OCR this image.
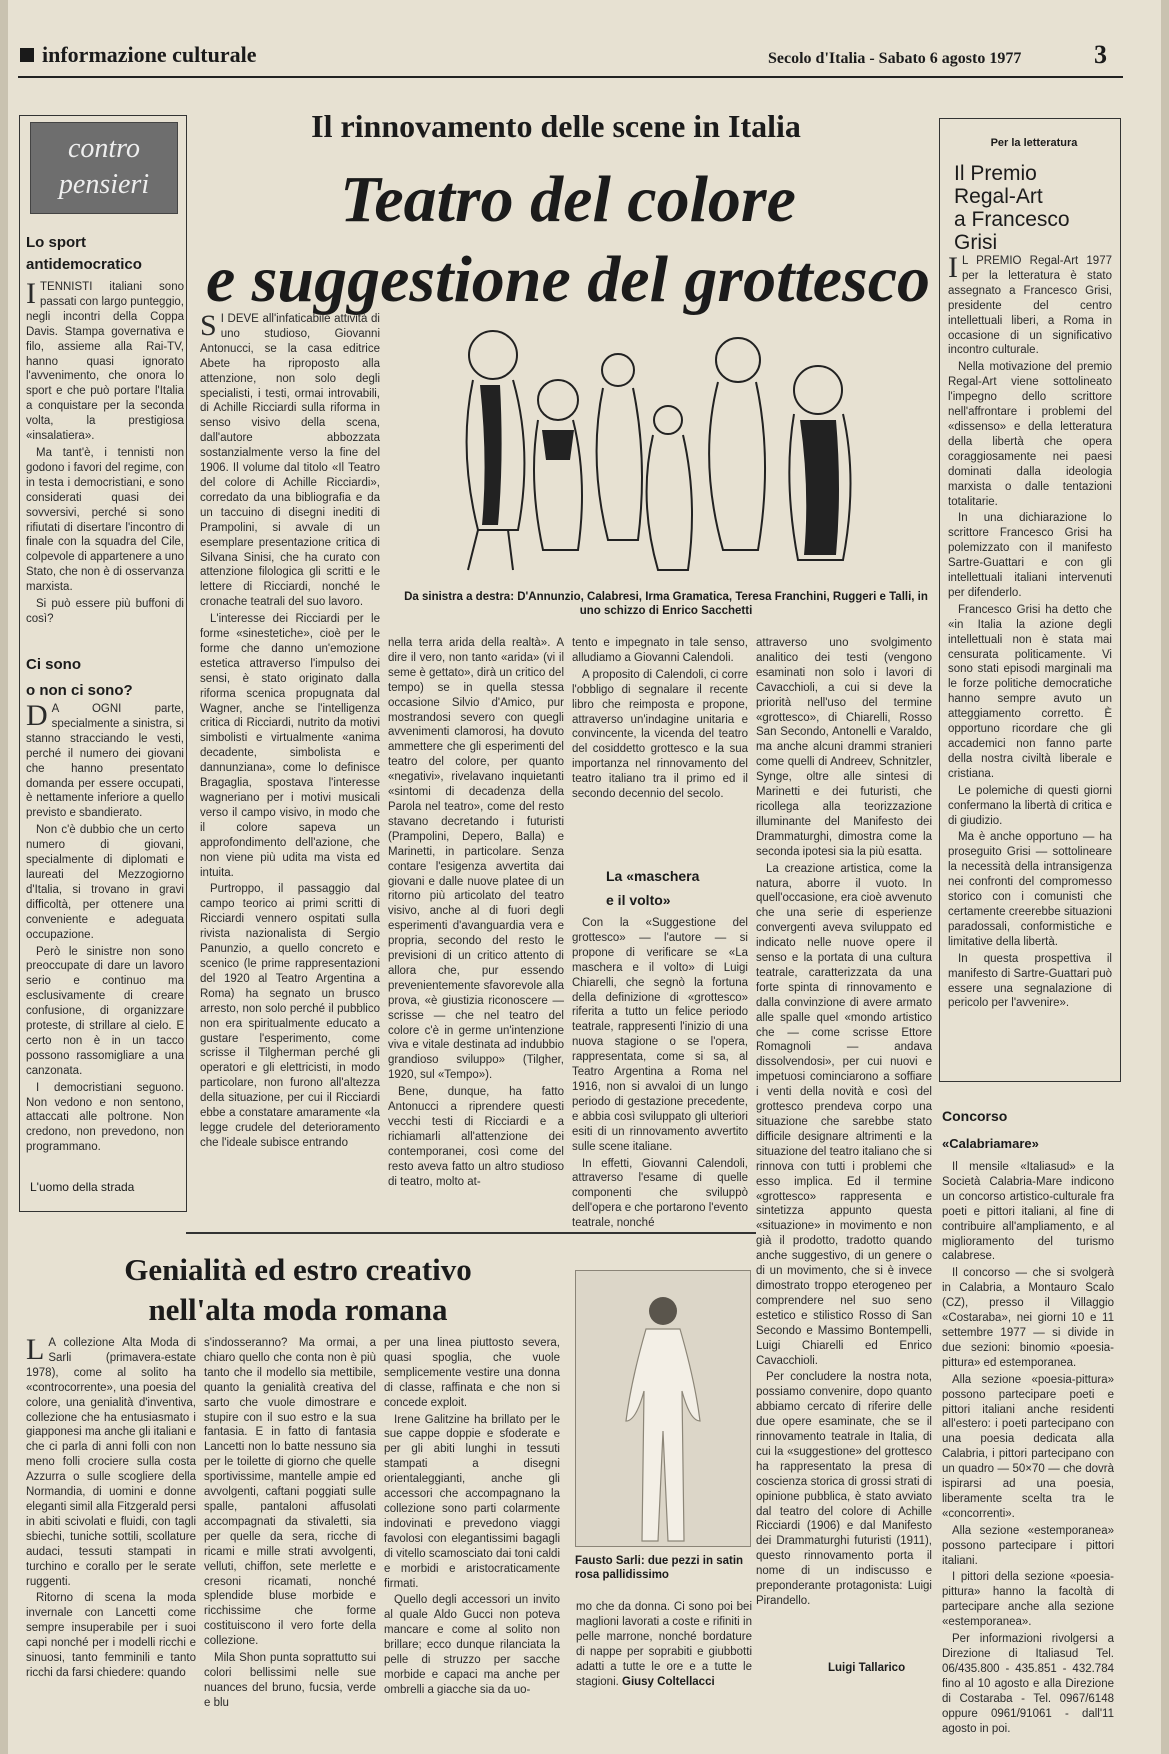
informazione culturale	Secolo d'Italia - Sabato 6 agosto 1977	3
contro
pensieri
Lo sport
antidemocratico

ITENNISTI italiani sono passati con largo punteggio, negli incontri della Coppa Davis. Stampa governativa e filo, assieme alla Rai-TV, hanno quasi ignorato l'avvenimento, che onora lo sport e che può portare l'Italia a conquistare per la seconda volta, la prestigiosa «insalatiera».

Ma tant'è, i tennisti non godono i favori del regime, con in testa i democristiani, e sono considerati quasi dei sovversivi, perché si sono rifiutati di disertare l'incontro di finale con la squadra del Cile, colpevole di appartenere a uno Stato, che non è di osservanza marxista.

Si può essere più buffoni di così?

Ci sono
o non ci sono?

D A OGNI parte, specialmente a sinistra, si stanno stracciando le vesti, perché il numero dei giovani che hanno presentato domanda per essere occupati, è nettamente inferiore a quello previsto e sbandierato.

Non c'è dubbio che un certo numero di giovani, specialmente di diplomati e laureati del Mezzogiorno d'Italia, si trovano in gravi difficoltà, per ottenere una conveniente e adeguata occupazione.

Però le sinistre non sono preoccupate di dare un lavoro serio e continuo ma esclusivamente di creare confusione, di organizzare proteste, di strillare al cielo. E certo non è in un tacco possono rassomigliare a una canzonata.

I democristiani seguono. Non vedono e non sentono, attaccati alle poltrone. Non credono, non prevedono, non programmano.

L'uomo della strada
Il rinnovamento delle scene in Italia
Teatro del colore
e suggestione del grottesco
Da sinistra a destra: D'Annunzio, Calabresi, Irma Gramatica, Teresa Franchini, Ruggeri e Talli, in uno schizzo di Enrico Sacchetti

S I DEVE all'infaticabile attività di uno studioso, Giovanni Antonucci, se la casa editrice Abete ha riproposto alla attenzione, non solo degli specialisti, i testi, ormai introvabili, di Achille Ricciardi sulla riforma in senso visivo della scena, dall'autore abbozzata sostanzialmente verso la fine del 1906. Il volume dal titolo «Il Teatro del colore di Achille Ricciardi», corredato da una bibliografia e da un taccuino di disegni inediti di Prampolini, si avvale di un esemplare presentazione critica di Silvana Sinisi, che ha curato con attenzione filologica gli scritti e le lettere di Ricciardi, nonché le cronache teatrali del suo lavoro.

L'interesse dei Ricciardi per le forme «sinestetiche», cioè per le forme che danno un'emozione estetica attraverso l'impulso dei sensi, è stato originato dalla riforma scenica propugnata dal Wagner, anche se l'intelligenza critica di Ricciardi, nutrito da motivi simbolisti e virtualmente «anima decadente, simbolista e dannunziana», come lo definisce Bragaglia, spostava l'interesse wagneriano per i motivi musicali verso il campo visivo, in modo che il colore sapeva un approfondimento dell'azione, che non viene più udita ma vista ed intuita.

Purtroppo, il passaggio dal campo teorico ai primi scritti di Ricciardi vennero ospitati sulla rivista nazionalista di Sergio Panunzio, a quello concreto e scenico (le prime rappresentazioni del 1920 al Teatro Argentina a Roma) ha segnato un brusco arresto, non solo perché il pubblico non era spiritualmente educato a gustare l'esperimento, come scrisse il Tilgherman perché gli operatori e gli elettricisti, in modo particolare, non furono all'altezza della situazione, per cui il Ricciardi ebbe a constatare amaramente «la legge crudele del deterioramento che l'ideale subisce entrando

nella terra arida della realtà». A dire il vero, non tanto «arida» (vi il seme è gettato», dirà un critico del tempo) se in quella stessa occasione Silvio d'Amico, pur mostrandosi severo con quegli avvenimenti clamorosi, ha dovuto ammettere che gli esperimenti del teatro del colore, per quanto «negativi», rivelavano inquietanti «sintomi di decadenza della Parola nel teatro», come del resto stavano decretando i futuristi (Prampolini, Depero, Balla) e Marinetti, in particolare. Senza contare l'esigenza avvertita dai giovani e dalle nuove platee di un ritorno più articolato del teatro visivo, anche al di fuori degli esperimenti d'avanguardia vera e propria, secondo del resto le previsioni di un critico attento di allora che, pur essendo prevenientemente sfavorevole alla prova, «è giustizia riconoscere — scrisse — che nel teatro del colore c'è in germe un'intenzione viva e vitale destinata ad indubbio grandioso sviluppo» (Tilgher, 1920, sul «Tempo»).

Bene, dunque, ha fatto Antonucci a riprendere questi vecchi testi di Ricciardi e a richiamarli all'attenzione dei contemporanei, così come del resto aveva fatto un altro studioso di teatro, molto at-

tento e impegnato in tale senso, alludiamo a Giovanni Calendoli.

A proposito di Calendoli, ci corre l'obbligo di segnalare il recente libro che reimposta e propone, attraverso un'indagine unitaria e convincente, la vicenda del teatro del cosiddetto grottesco e la sua importanza nel rinnovamento del teatro italiano tra il primo ed il secondo decennio del secolo.

La «maschera
e il volto»

Con la «Suggestione del grottesco» — l'autore — si propone di verificare se «La maschera e il volto» di Luigi Chiarelli, che segnò la fortuna della definizione di «grottesco» riferita a tutto un felice periodo teatrale, rappresenti l'inizio di una nuova stagione o se l'opera, rappresentata, come si sa, al Teatro Argentina a Roma nel 1916, non si avvaloi di un lungo periodo di gestazione precedente, e abbia così sviluppato gli ulteriori esiti di un rinnovamento avvertito sulle scene italiane.

In effetti, Giovanni Calendoli, attraverso l'esame di quelle componenti che sviluppò dell'opera e che portarono l'evento teatrale, nonché

attraverso uno svolgimento analitico dei testi (vengono esaminati non solo i lavori di Cavacchioli, a cui si deve la priorità nell'uso del termine «grottesco», di Chiarelli, Rosso San Secondo, Antonelli e Varaldo, ma anche alcuni drammi stranieri come quelli di Andreev, Schnitzler, Synge, oltre alle sintesi di Marinetti e dei futuristi, che ricollega alla teorizzazione illuminante del Manifesto dei Drammaturghi, dimostra come la seconda ipotesi sia la più esatta.

La creazione artistica, come la natura, aborre il vuoto. In quell'occasione, era cioè avvenuto che una serie di esperienze convergenti aveva sviluppato ed indicato nelle nuove opere il senso e la portata di una cultura teatrale, caratterizzata da una forte spinta di rinnovamento e dalla convinzione di avere armato alle spalle quel «mondo artistico che — come scrisse Ettore Romagnoli — andava dissolvendosi», per cui nuovi e impetuosi cominciarono a soffiare i venti della novità e così del grottesco prendeva corpo una situazione che sarebbe stato difficile designare altrimenti e la situazione del teatro italiano che si rinnova con tutti i problemi che esso implica. Ed il termine «grottesco» rappresenta e sintetizza appunto questa «situazione» in movimento e non già il prodotto, tradotto quando anche suggestivo, di un genere o di un movimento, che si è invece dimostrato troppo eterogeneo per comprendere nel suo seno estetico e stilistico Rosso di San Secondo e Massimo Bontempelli, Luigi Chiarelli ed Enrico Cavacchioli.

Per concludere la nostra nota, possiamo convenire, dopo quanto abbiamo cercato di riferire delle due opere esaminate, che se il rinnovamento teatrale in Italia, di cui la «suggestione» del grottesco ha rappresentato la presa di coscienza storica di grossi strati di opinione pubblica, è stato avviato dal teatro del colore di Achille Ricciardi (1906) e dal Manifesto dei Drammaturghi futuristi (1911), questo rinnovamento porta il nome di un indiscusso e preponderante protagonista: Luigi Pirandello.

Luigi Tallarico
Genialità ed estro creativo
nell'alta moda romana

L A collezione Alta Moda di Sarli (primavera-estate 1978), come al solito ha «controcorrente», una poesia del colore, una genialità d'inventiva, collezione che ha entusiasmato i giapponesi ma anche gli italiani e che ci parla di anni folli con non meno folli crociere sulla costa Azzurra o sulle scogliere della Normandia, di uomini e donne eleganti simil alla Fitzgerald persi in abiti scivolati e fluidi, con tagli sbiechi, tuniche sottili, scollature audaci, tessuti stampati in turchino e corallo per le serate ruggenti.

Ritorno di scena la moda invernale con Lancetti come sempre insuperabile per i suoi capi nonché per i modelli ricchi e sinuosi, tanto femminili e tanto ricchi da farsi chiedere: quando

s'indosseranno? Ma ormai, a chiaro quello che conta non è più tanto che il modello sia mettibile, quanto la genialità creativa del sarto che vuole dimostrare e stupire con il suo estro e la sua fantasia. E in fatto di fantasia Lancetti non lo batte nessuno sia per le toilette di giorno che quelle sportivissime, mantelle ampie ed avvolgenti, caftani poggiati sulle spalle, pantaloni affusolati accompagnati da stivaletti, sia per quelle da sera, ricche di ricami e mille strati avvolgenti, velluti, chiffon, sete merlette e cresoni ricamati, nonché splendide bluse morbide e ricchissime che forme costituiscono il vero forte della collezione.

Mila Shon punta soprattutto sui colori bellissimi nelle sue nuances del bruno, fucsia, verde e blu

per una linea piuttosto severa, quasi spoglia, che vuole semplicemente vestire una donna di classe, raffinata e che non si concede exploit.

Irene Galitzine ha brillato per le sue cappe doppie e sfoderate e per gli abiti lunghi in tessuti stampati a disegni orientaleggianti, anche gli accessori che accompagnano la collezione sono parti colarmente indovinati e prevedono viaggi favolosi con elegantissimi bagagli di vitello scamosciato dai toni caldi e morbidi e aristocraticamente firmati.

Quello degli accessori un invito al quale Aldo Gucci non poteva mancare e come al solito non brillare; ecco dunque rilanciata la pelle di struzzo per sacche morbide e capaci ma anche per ombrelli a giacche sia da uo-

Fausto Sarli: due pezzi in satin rosa pallidissimo

mo che da donna. Ci sono poi bei maglioni lavorati a coste e rifiniti in pelle marrone, nonché bordature di nappe per soprabiti e giubbotti adatti a tutte le ore e a tutte le stagioni. Giusy Coltellacci
Per la letteratura
Il Premio
Regal-Art
a Francesco
Grisi

I L PREMIO Regal-Art 1977 per la letteratura è stato assegnato a Francesco Grisi, presidente del centro intellettuali liberi, a Roma in occasione di un significativo incontro culturale.

Nella motivazione del premio Regal-Art viene sottolineato l'impegno dello scrittore nell'affrontare i problemi del «dissenso» e della letteratura della libertà che opera coraggiosamente nei paesi dominati dalla ideologia marxista o dalle tentazioni totalitarie.

In una dichiarazione lo scrittore Francesco Grisi ha polemizzato con il manifesto Sartre-Guattari e con gli intellettuali italiani intervenuti per difenderlo.

Francesco Grisi ha detto che «in Italia la azione degli intellettuali non è stata mai censurata politicamente. Vi sono stati episodi marginali ma le forze politiche democratiche hanno sempre avuto un atteggiamento corretto. È opportuno ricordare che gli accademici non fanno parte della nostra civiltà liberale e cristiana.

Le polemiche di questi giorni confermano la libertà di critica e di giudizio.

Ma è anche opportuno — ha proseguito Grisi — sottolineare la necessità della intransigenza nei confronti del compromesso storico con i comunisti che certamente creerebbe situazioni paradossali, conformistiche e limitative della libertà.

In questa prospettiva il manifesto di Sartre-Guattari può essere una segnalazione di pericolo per l'avvenire».

Concorso
«Calabriamare»

Il mensile «Italiasud» e la Società Calabria-Mare indicono un concorso artistico-culturale fra poeti e pittori italiani, al fine di contribuire all'ampliamento, e al miglioramento del turismo calabrese.

Il concorso — che si svolgerà in Calabria, a Montauro Scalo (CZ), presso il Villaggio «Costaraba», nei giorni 10 e 11 settembre 1977 — si divide in due sezioni: binomio «poesia-pittura» ed estemporanea.

Alla sezione «poesia-pittura» possono partecipare poeti e pittori italiani anche residenti all'estero: i poeti partecipano con una poesia dedicata alla Calabria, i pittori partecipano con un quadro — 50×70 — che dovrà ispirarsi ad una poesia, liberamente scelta tra le «concorrenti».

Alla sezione «estemporanea» possono partecipare i pittori italiani.

I pittori della sezione «poesia-pittura» hanno la facoltà di partecipare anche alla sezione «estemporanea».

Per informazioni rivolgersi a Direzione di Italiasud Tel. 06/435.800 - 435.851 - 432.784 fino al 10 agosto e alla Direzione di Costaraba - Tel. 0967/6148 oppure 0961/91061 - dall'11 agosto in poi.
